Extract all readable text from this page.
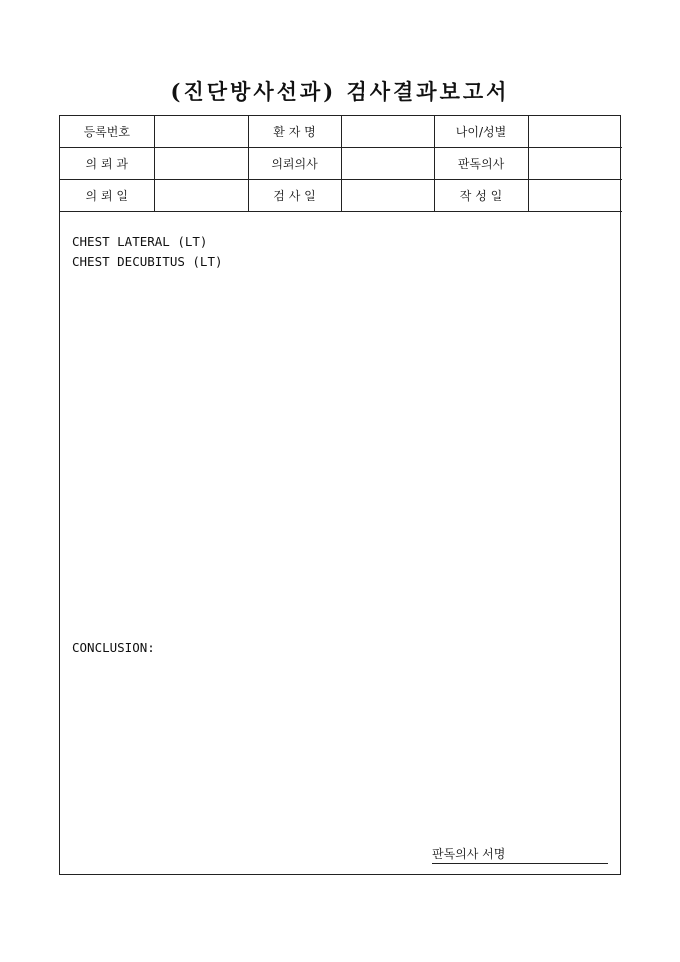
(진단방사선과) 검사결과보고서
등록번호		환 자 명		나이/성별	
의 뢰 과		의뢰의사		판독의사	
의 뢰 일		검 사 일		작 성 일	
CHEST LATERAL (LT)
CHEST DECUBITUS (LT)
CONCLUSION:
판독의사 서명
